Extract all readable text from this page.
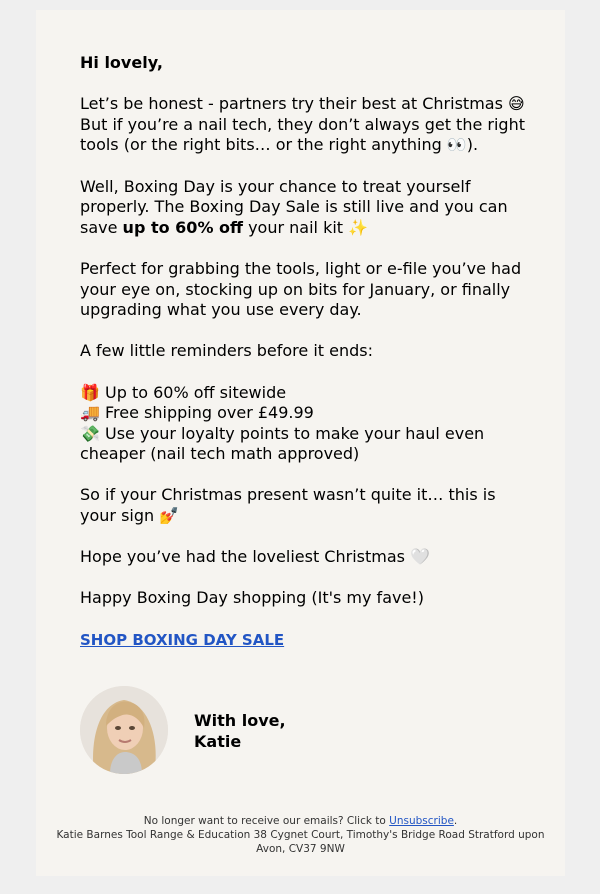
Hi lovely,

Let’s be honest - partners try their best at Christmas 😅 But if you’re a nail tech, they don’t always get the right tools (or the right bits… or the right anything 👀).

Well, Boxing Day is your chance to treat yourself properly. The Boxing Day Sale is still live and you can save up to 60% off your nail kit ✨

Perfect for grabbing the tools, light or e-file you’ve had your eye on, stocking up on bits for January, or finally upgrading what you use every day.

A few little reminders before it ends:

🎁 Up to 60% off sitewide
🚚 Free shipping over £49.99
💸 Use your loyalty points to make your haul even cheaper (nail tech math approved)

So if your Christmas present wasn’t quite it… this is your sign 💅

Hope you’ve had the loveliest Christmas 🤍

Happy Boxing Day shopping (It's my fave!)

SHOP BOXING DAY SALE
With love,
Katie
No longer want to receive our emails? Click to Unsubscribe.
Katie Barnes Tool Range & Education 38 Cygnet Court, Timothy's Bridge Road Stratford upon Avon, CV37 9NW
